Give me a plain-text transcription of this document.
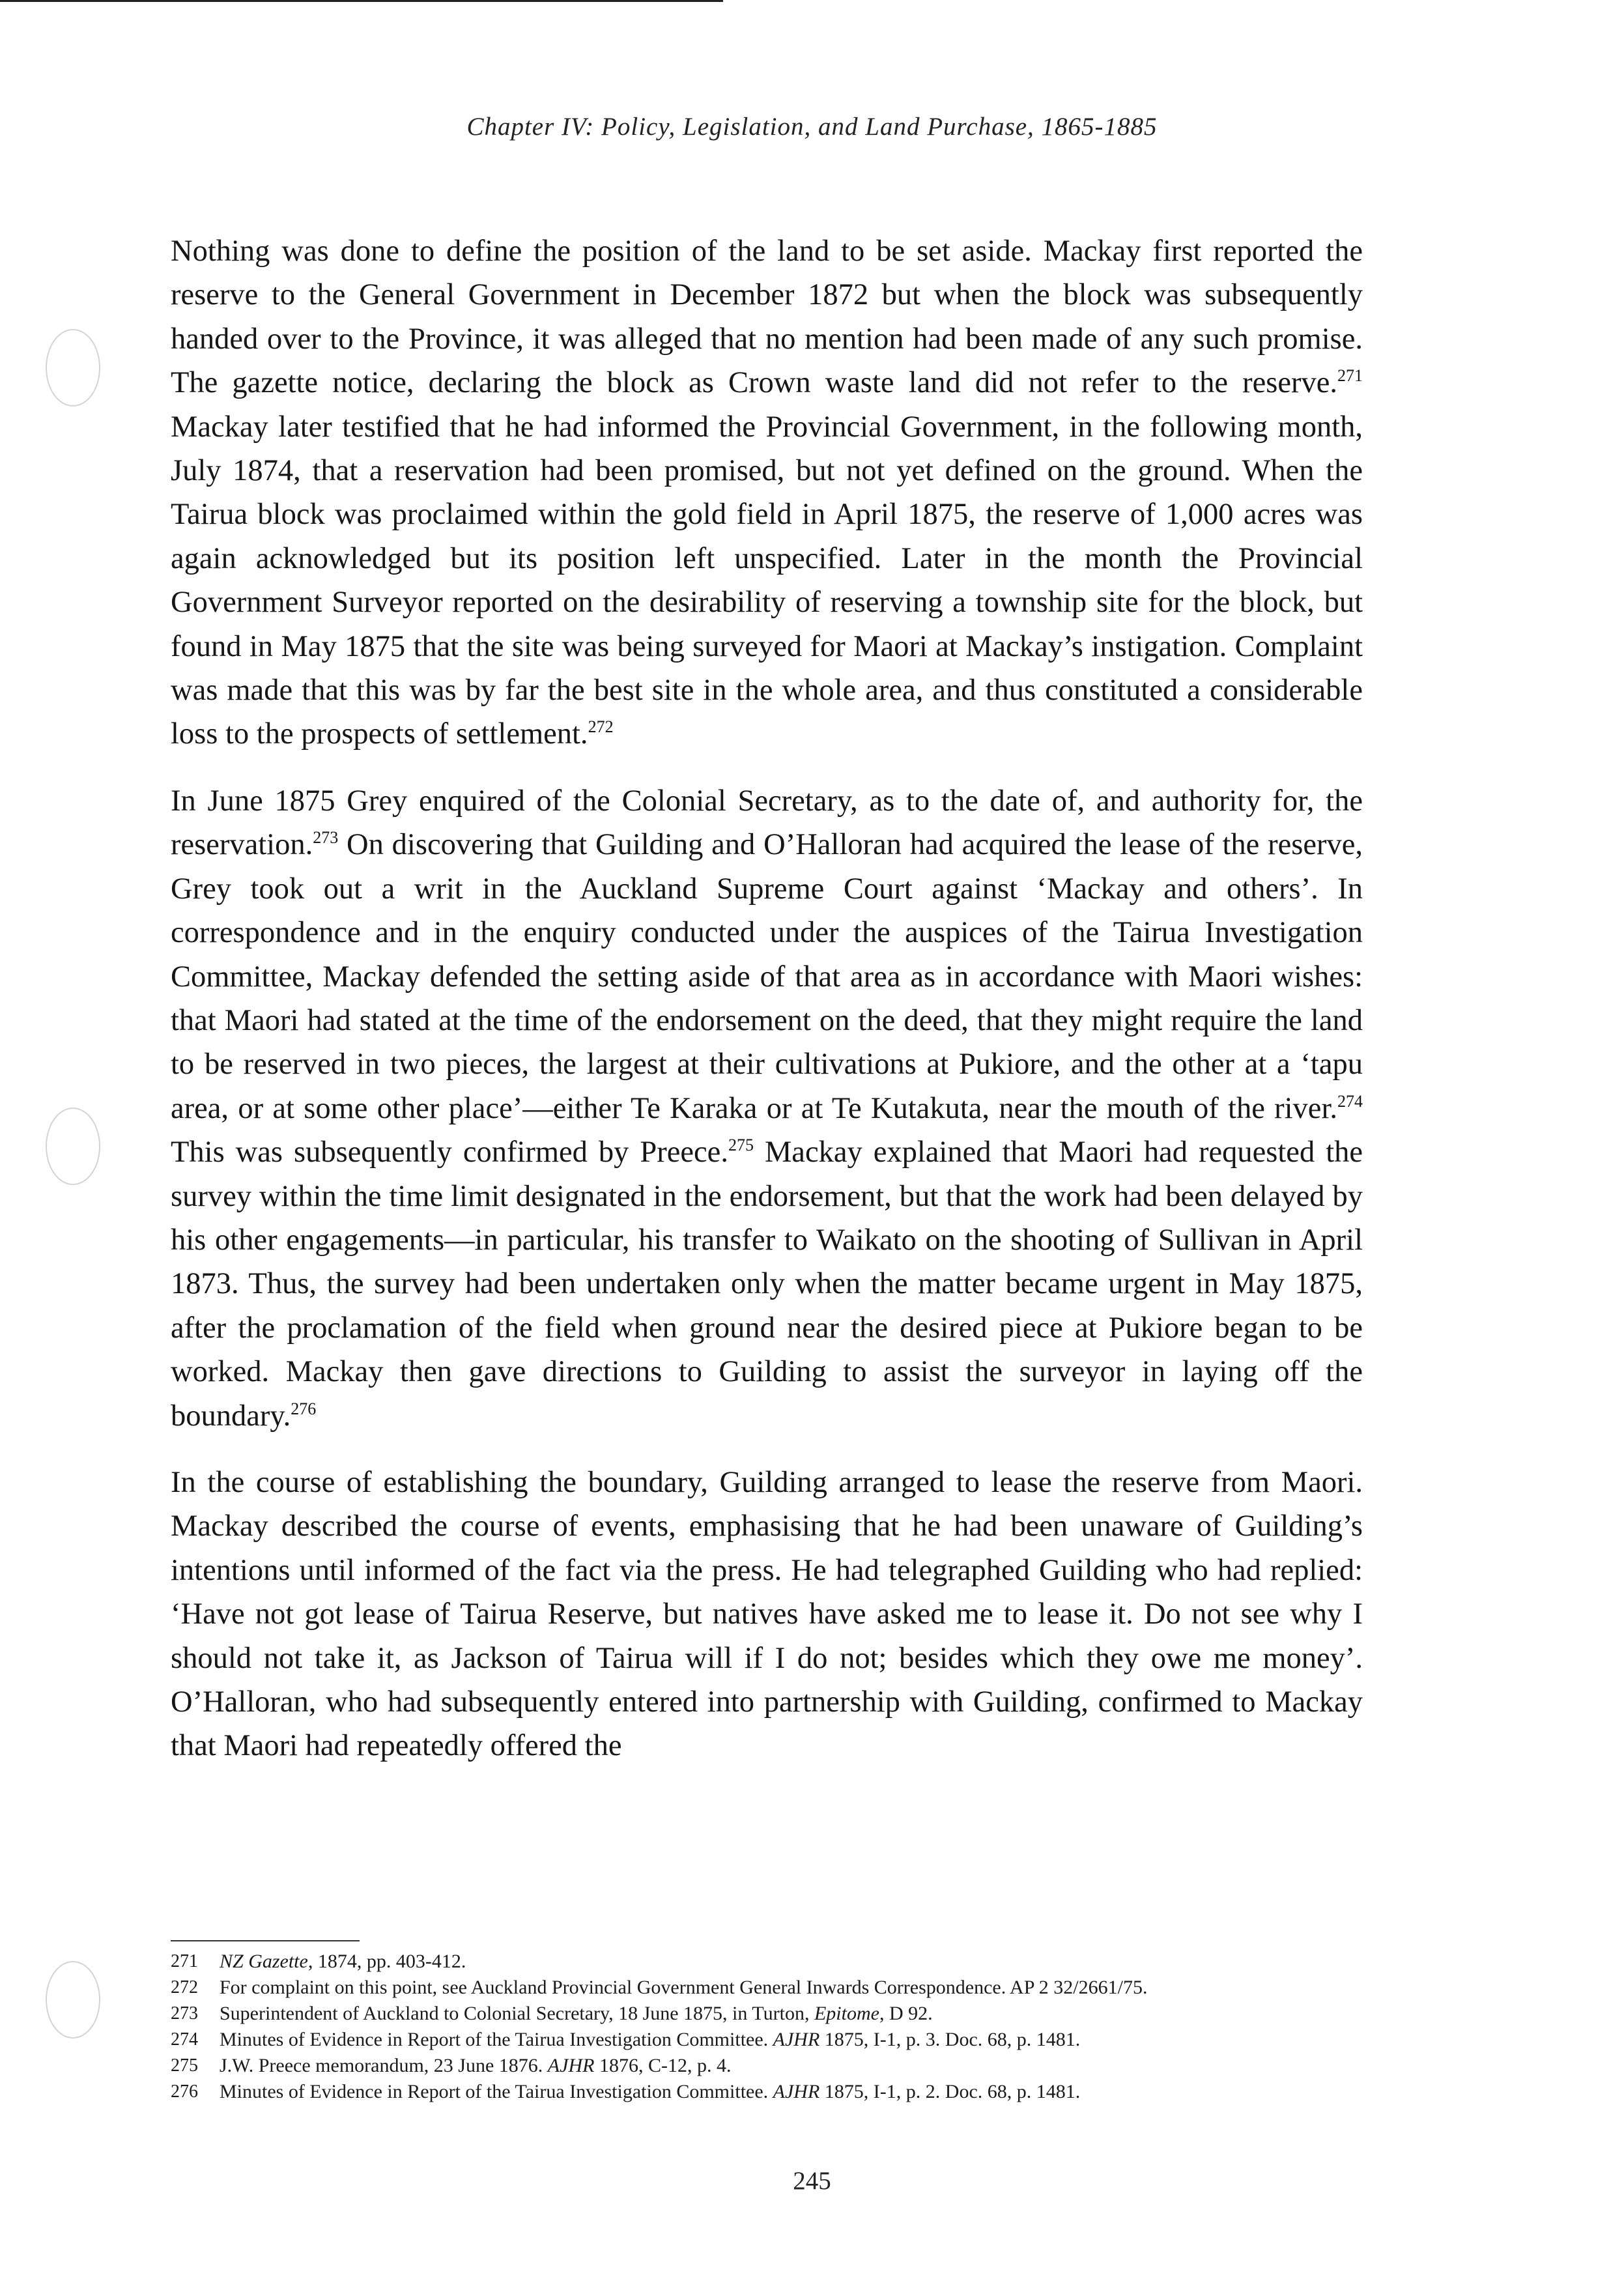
Chapter IV: Policy, Legislation, and Land Purchase, 1865-1885

Nothing was done to define the position of the land to be set aside. Mackay first reported the reserve to the General Government in December 1872 but when the block was subsequently handed over to the Province, it was alleged that no mention had been made of any such promise. The gazette notice, declaring the block as Crown waste land did not refer to the reserve.$^{271}$ Mackay later testified that he had informed the Provincial Government, in the following month, July 1874, that a reservation had been promised, but not yet defined on the ground. When the Tairua block was proclaimed within the gold field in April 1875, the reserve of 1,000 acres was again acknowledged but its position left unspecified. Later in the month the Provincial Government Surveyor reported on the desirability of reserving a township site for the block, but found in May 1875 that the site was being surveyed for Maori at Mackay’s instigation. Complaint was made that this was by far the best site in the whole area, and thus constituted a considerable loss to the prospects of settlement.$^{272}$

In June 1875 Grey enquired of the Colonial Secretary, as to the date of, and authority for, the reservation.$^{273}$ On discovering that Guilding and O’Halloran had acquired the lease of the reserve, Grey took out a writ in the Auckland Supreme Court against ‘Mackay and others’. In correspondence and in the enquiry conducted under the auspices of the Tairua Investigation Committee, Mackay defended the setting aside of that area as in accordance with Maori wishes: that Maori had stated at the time of the endorsement on the deed, that they might require the land to be reserved in two pieces, the largest at their cultivations at Pukiore, and the other at a ‘tapu area, or at some other place’—either Te Karaka or at Te Kutakuta, near the mouth of the river.$^{274}$ This was subsequently confirmed by Preece.$^{275}$ Mackay explained that Maori had requested the survey within the time limit designated in the endorsement, but that the work had been delayed by his other engagements—in particular, his transfer to Waikato on the shooting of Sullivan in April 1873. Thus, the survey had been undertaken only when the matter became urgent in May 1875, after the proclamation of the field when ground near the desired piece at Pukiore began to be worked. Mackay then gave directions to Guilding to assist the surveyor in laying off the boundary.$^{276}$

In the course of establishing the boundary, Guilding arranged to lease the reserve from Maori. Mackay described the course of events, emphasising that he had been unaware of Guilding’s intentions until informed of the fact via the press. He had telegraphed Guilding who had replied: ‘Have not got lease of Tairua Reserve, but natives have asked me to lease it. Do not see why I should not take it, as Jackson of Tairua will if I do not; besides which they owe me money’. O’Halloran, who had subsequently entered into partnership with Guilding, confirmed to Mackay that Maori had repeatedly offered the

271 NZ Gazette, 1874, pp. 403-412.
272 For complaint on this point, see Auckland Provincial Government General Inwards Correspondence. AP 2 32/2661/75.
273 Superintendent of Auckland to Colonial Secretary, 18 June 1875, in Turton, Epitome, D 92.
274 Minutes of Evidence in Report of the Tairua Investigation Committee. AJHR 1875, I-1, p. 3. Doc. 68, p. 1481.
275 J.W. Preece memorandum, 23 June 1876. AJHR 1876, C-12, p. 4.
276 Minutes of Evidence in Report of the Tairua Investigation Committee. AJHR 1875, I-1, p. 2. Doc. 68, p. 1481.
245
